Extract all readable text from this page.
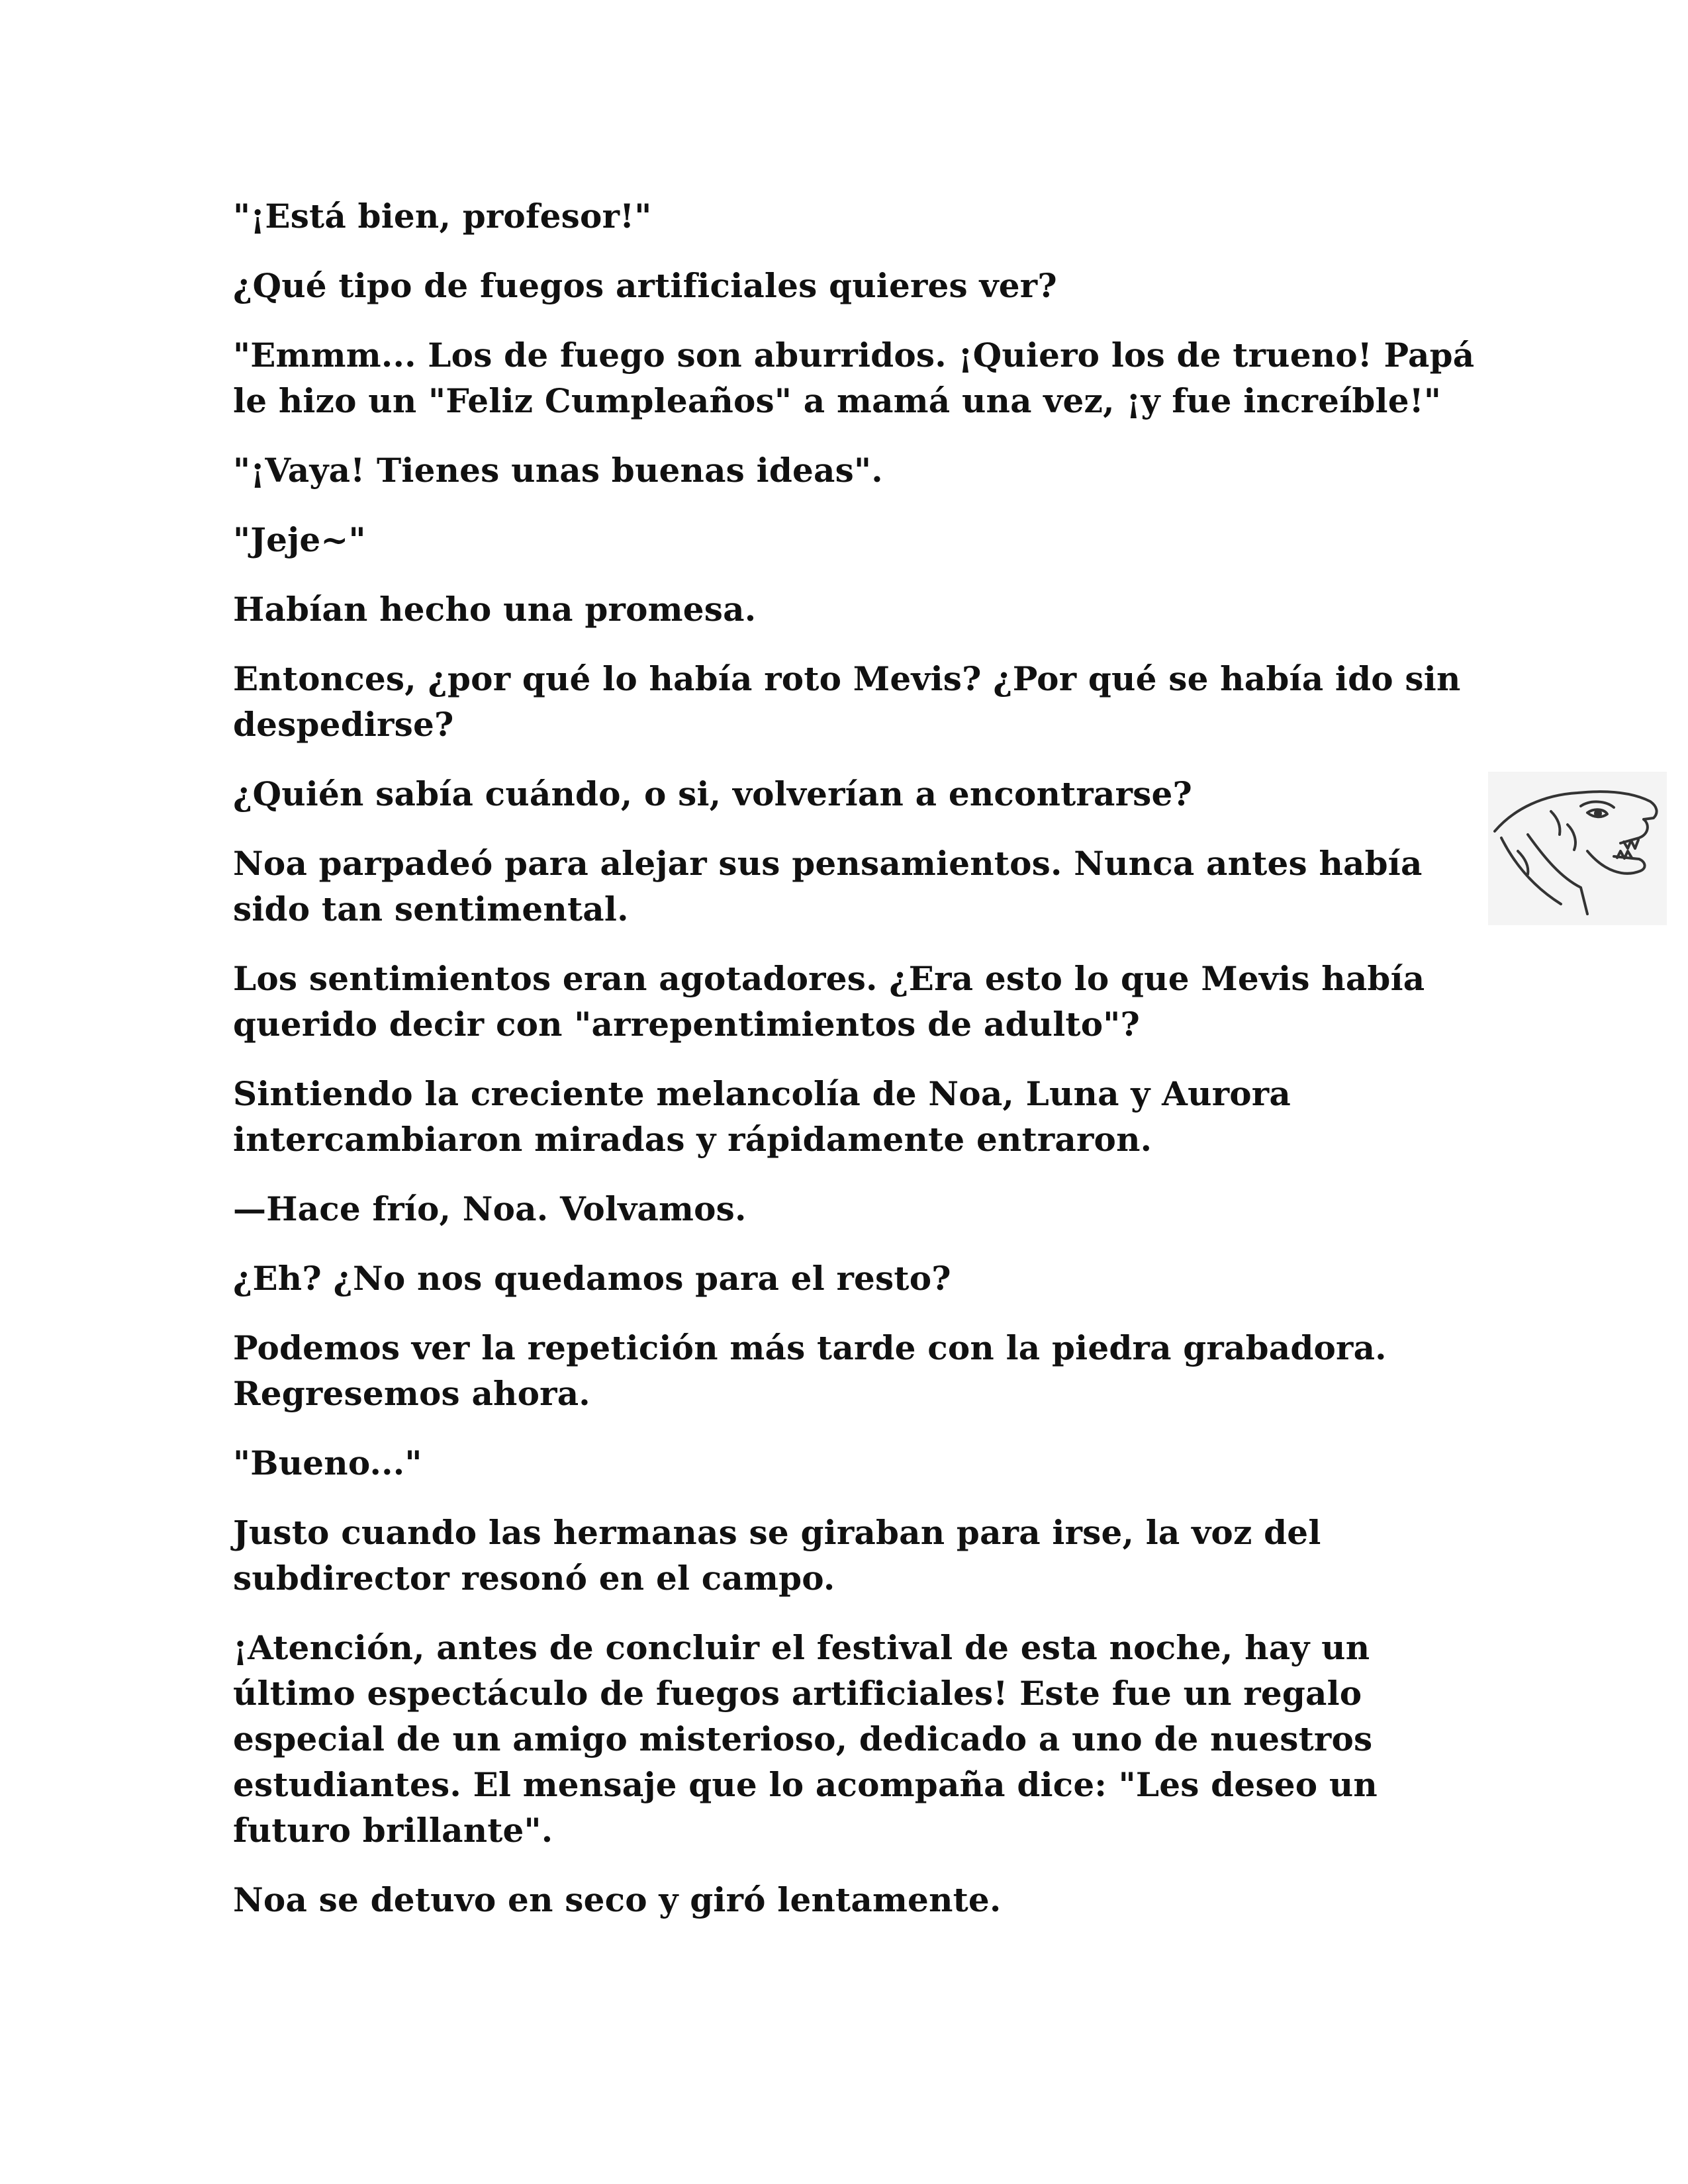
"¡Está bien, profesor!"

¿Qué tipo de fuegos artificiales quieres ver?

"Emmm... Los de fuego son aburridos. ¡Quiero los de trueno! Papá le hizo un "Feliz Cumpleaños" a mamá una vez, ¡y fue increíble!"

"¡Vaya! Tienes unas buenas ideas".

"Jeje~"

Habían hecho una promesa.

Entonces, ¿por qué lo había roto Mevis? ¿Por qué se había ido sin despedirse?

¿Quién sabía cuándo, o si, volverían a encontrarse?

Noa parpadeó para alejar sus pensamientos. Nunca antes había sido tan sentimental.

Los sentimientos eran agotadores. ¿Era esto lo que Mevis había querido decir con "arrepentimientos de adulto"?

Sintiendo la creciente melancolía de Noa, Luna y Aurora intercambiaron miradas y rápidamente entraron.

—Hace frío, Noa. Volvamos.

¿Eh? ¿No nos quedamos para el resto?

Podemos ver la repetición más tarde con la piedra grabadora. Regresemos ahora.

"Bueno..."

Justo cuando las hermanas se giraban para irse, la voz del subdirector resonó en el campo.

¡Atención, antes de concluir el festival de esta noche, hay un último espectáculo de fuegos artificiales! Este fue un regalo especial de un amigo misterioso, dedicado a uno de nuestros estudiantes. El mensaje que lo acompaña dice: "Les deseo un futuro brillante".

Noa se detuvo en seco y giró lentamente.
